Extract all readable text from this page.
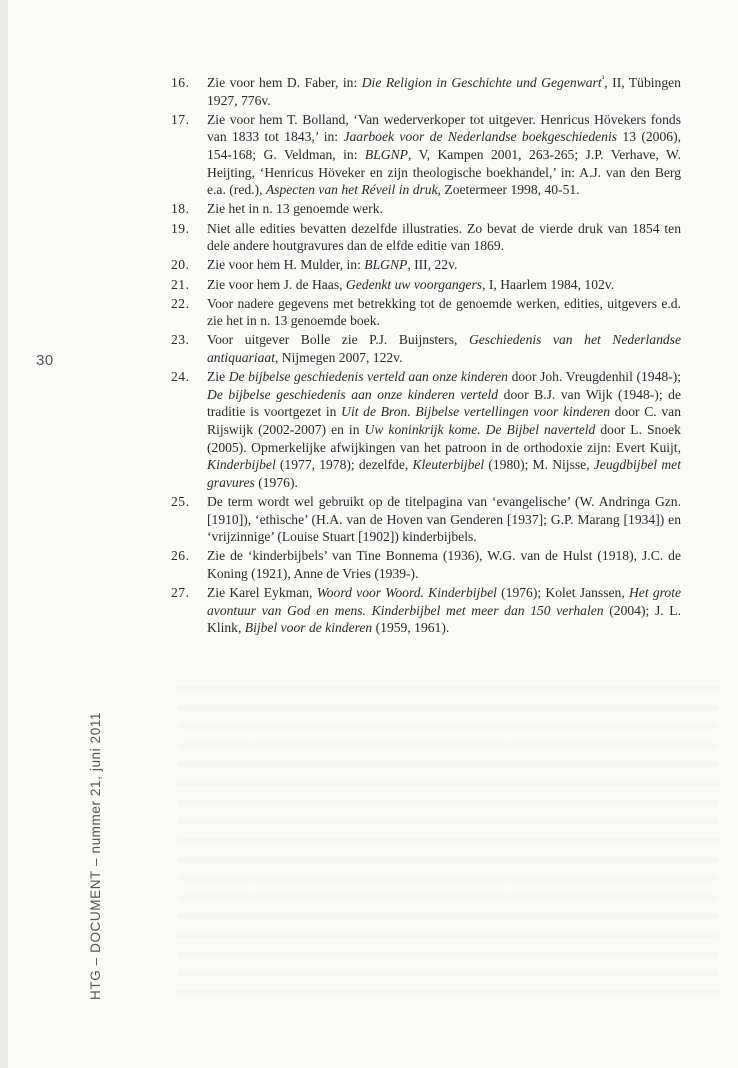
30
HTG – DOCUMENT – nummer 21, juni 2011
16. Zie voor hem D. Faber, in: Die Religion in Geschichte und Gegenwart$^{^3}$, II, Tübingen 1927, 776v.
17. Zie voor hem T. Bolland, ‘Van wederverkoper tot uitgever. Henricus Hövekers fonds van 1833 tot 1843,’ in: Jaarboek voor de Nederlandse boekgeschiedenis 13 (2006), 154-168; G. Veldman, in: BLGNP, V, Kampen 2001, 263-265; J.P. Verhave, W. Heijting, ‘Henricus Höveker en zijn theologische boekhandel,’ in: A.J. van den Berg e.a. (red.), Aspecten van het Réveil in druk, Zoetermeer 1998, 40-51.
18. Zie het in n. 13 genoemde werk.
19. Niet alle edities bevatten dezelfde illustraties. Zo bevat de vierde druk van 1854 ten dele andere houtgravures dan de elfde editie van 1869.
20. Zie voor hem H. Mulder, in: BLGNP, III, 22v.
21. Zie voor hem J. de Haas, Gedenkt uw voorgangers, I, Haarlem 1984, 102v.
22. Voor nadere gegevens met betrekking tot de genoemde werken, edities, uitgevers e.d. zie het in n. 13 genoemde boek.
23. Voor uitgever Bolle zie P.J. Buijnsters, Geschiedenis van het Nederlandse antiquariaat, Nijmegen 2007, 122v.
24. Zie De bijbelse geschiedenis verteld aan onze kinderen door Joh. Vreugdenhil (1948-); De bijbelse geschiedenis aan onze kinderen verteld door B.J. van Wijk (1948-); de traditie is voortgezet in Uit de Bron. Bijbelse vertellingen voor kinderen door C. van Rijswijk (2002-2007) en in Uw koninkrijk kome. De Bijbel naverteld door L. Snoek (2005). Opmerkelijke afwijkingen van het patroon in de orthodoxie zijn: Evert Kuijt, Kinderbijbel (1977, 1978); dezelfde, Kleuterbijbel (1980); M. Nijsse, Jeugdbijbel met gravures (1976).
25. De term wordt wel gebruikt op de titelpagina van ‘evangelische’ (W. Andringa Gzn. [1910]), ‘ethische’ (H.A. van de Hoven van Genderen [1937]; G.P. Marang [1934]) en ‘vrijzinnige’ (Louise Stuart [1902]) kinderbijbels.
26. Zie de ‘kinderbijbels’ van Tine Bonnema (1936), W.G. van de Hulst (1918), J.C. de Koning (1921), Anne de Vries (1939-).
27. Zie Karel Eykman, Woord voor Woord. Kinderbijbel (1976); Kolet Janssen, Het grote avontuur van God en mens. Kinderbijbel met meer dan 150 verhalen (2004); J. L. Klink, Bijbel voor de kinderen (1959, 1961).
